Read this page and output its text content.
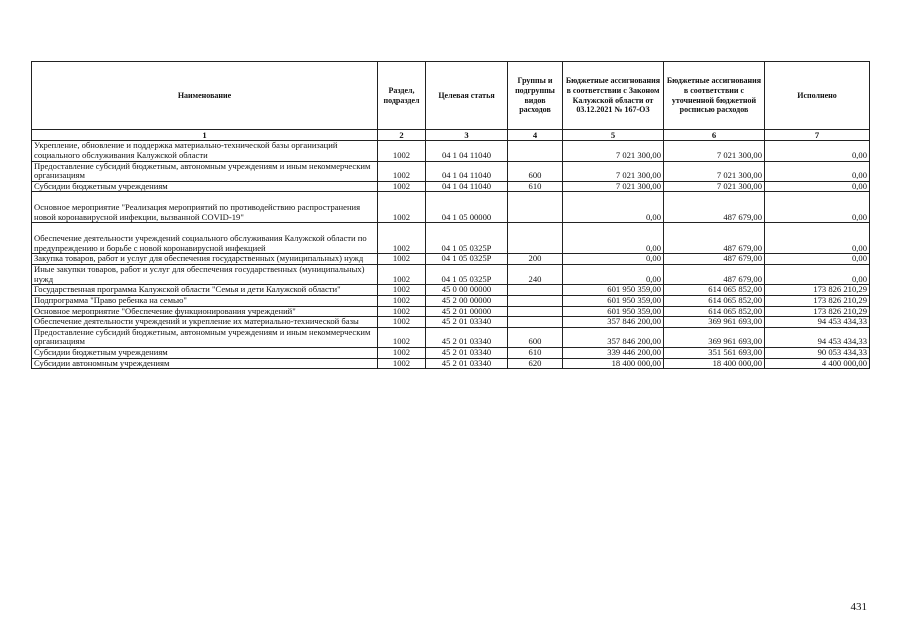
Наименование	Раздел, подраздел	Целевая статья	Группы и подгруппы видов расходов	Бюджетные ассигнования в соответствии с Законом Калужской области от 03.12.2021 № 167-ОЗ	Бюджетные ассигнования в соответствии с уточненной бюджетной росписью расходов	Исполнено
1	2	3	4	5	6	7
Укрепление, обновление и поддержка материально-технической базы организаций социального обслуживания Калужской области	1002	04 1 04 11040		7 021 300,00	7 021 300,00	0,00
Предоставление субсидий бюджетным, автономным учреждениям и иным некоммерческим организациям	1002	04 1 04 11040	600	7 021 300,00	7 021 300,00	0,00
Субсидии бюджетным учреждениям	1002	04 1 04 11040	610	7 021 300,00	7 021 300,00	0,00
Основное мероприятие "Реализация мероприятий по противодействию распространения новой коронавирусной инфекции, вызванной COVID-19"	1002	04 1 05 00000		0,00	487 679,00	0,00
Обеспечение деятельности учреждений социального обслуживания Калужской области по предупреждению и борьбе с новой коронавирусной инфекцией	1002	04 1 05 0325P		0,00	487 679,00	0,00
Закупка товаров, работ и услуг для обеспечения государственных (муниципальных) нужд	1002	04 1 05 0325P	200	0,00	487 679,00	0,00
Иные закупки товаров, работ и услуг для обеспечения государственных (муниципальных) нужд	1002	04 1 05 0325P	240	0,00	487 679,00	0,00
Государственная программа Калужской области "Семья и дети Калужской области"	1002	45 0 00 00000		601 950 359,00	614 065 852,00	173 826 210,29
Подпрограмма "Право ребенка на семью"	1002	45 2 00 00000		601 950 359,00	614 065 852,00	173 826 210,29
Основное мероприятие "Обеспечение функционирования учреждений"	1002	45 2 01 00000		601 950 359,00	614 065 852,00	173 826 210,29
Обеспечение деятельности учреждений и укрепление их материально-технической базы	1002	45 2 01 03340		357 846 200,00	369 961 693,00	94 453 434,33
Предоставление субсидий бюджетным, автономным учреждениям и иным некоммерческим организациям	1002	45 2 01 03340	600	357 846 200,00	369 961 693,00	94 453 434,33
Субсидии бюджетным учреждениям	1002	45 2 01 03340	610	339 446 200,00	351 561 693,00	90 053 434,33
Субсидии автономным учреждениям	1002	45 2 01 03340	620	18 400 000,00	18 400 000,00	4 400 000,00
431
